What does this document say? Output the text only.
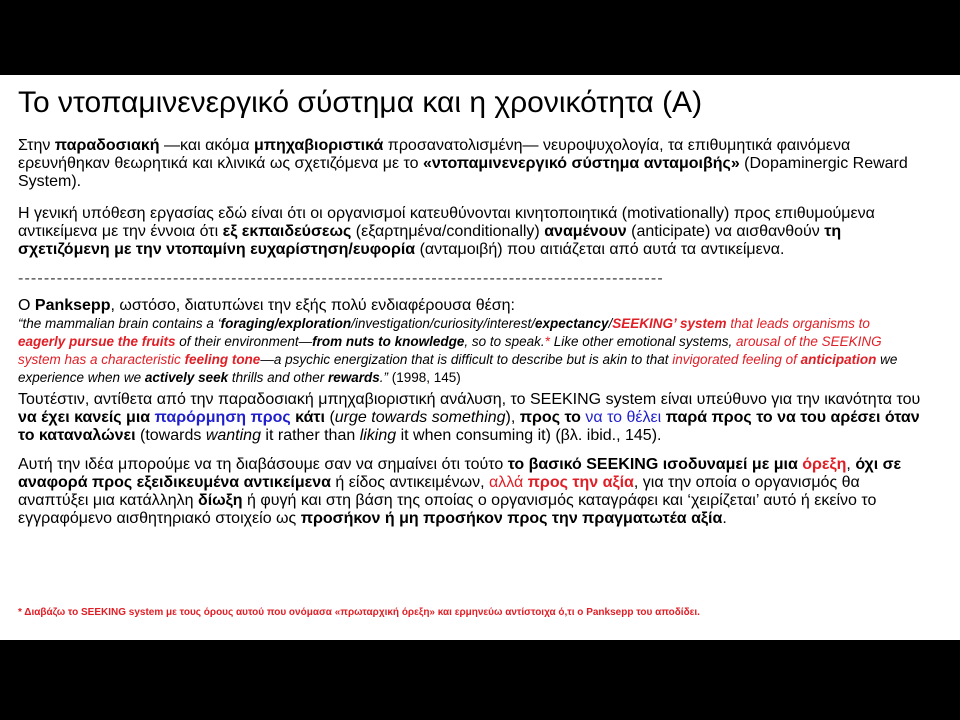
Το ντοπαμινενεργικό σύστημα και η χρονικότητα (Α)

Στην παραδοσιακή —και ακόμα μπηχαβιοριστικά προσανατολισμένη— νευροψυχολογία, τα επιθυμητικά φαινόμενα ερευνήθηκαν θεωρητικά και κλινικά ως σχετιζόμενα με το «ντοπαμινενεργικό σύστημα ανταμοιβής» (Dopaminergic Reward System).

Η γενική υπόθεση εργασίας εδώ είναι ότι οι οργανισμοί κατευθύνονται κινητοποιητικά (motivationally) προς επιθυμούμενα αντικείμενα με την έννοια ότι εξ εκπαιδεύσεως (εξαρτημένα/conditionally) αναμένουν (anticipate) να αισθανθούν τη σχετιζόμενη με την ντοπαμίνη ευχαρίστηση/ευφορία (ανταμοιβή) που αιτιάζεται από αυτά τα αντικείμενα.

----------------------------------------------------------------------------------------------------

Ο Panksepp, ωστόσο, διατυπώνει την εξής πολύ ενδιαφέρουσα θέση:

“the mammalian brain contains a ‘foraging/exploration/investigation/curiosity/interest/expectancy/SEEKING’ system that leads organisms to eagerly pursue the fruits of their environment—from nuts to knowledge, so to speak.* Like other emotional systems, arousal of the SEEKING system has a characteristic feeling tone—a psychic energization that is difficult to describe but is akin to that invigorated feeling of anticipation we experience when we actively seek thrills and other rewards.” (1998, 145)

Τουτέστιν, αντίθετα από την παραδοσιακή μπηχαβιοριστική ανάλυση, το SEEKING system είναι υπεύθυνο για την ικανότητα του να έχει κανείς μια παρόρμηση προς κάτι (urge towards something), προς το να το θέλει παρά προς το να του αρέσει όταν το καταναλώνει (towards wanting it rather than liking it when consuming it) (βλ. ibid., 145).

Αυτή την ιδέα μπορούμε να τη διαβάσουμε σαν να σημαίνει ότι τούτο το βασικό SEEKING ισοδυναμεί με μια όρεξη, όχι σε αναφορά προς εξειδικευμένα αντικείμενα ή είδος αντικειμένων, αλλά προς την αξία, για την οποία ο οργανισμός θα αναπτύξει μια κατάλληλη δίωξη ή φυγή και στη βάση της οποίας ο οργανισμός καταγράφει και ‘χειρίζεται’ αυτό ή εκείνο το εγγραφόμενο αισθητηριακό στοιχείο ως προσήκον ή μη προσήκον προς την πραγματωτέα αξία.

* Διαβάζω το SEEKING system με τους όρους αυτού που ονόμασα «πρωταρχική όρεξη» και ερμηνεύω αντίστοιχα ό,τι ο Panksepp του αποδίδει.
